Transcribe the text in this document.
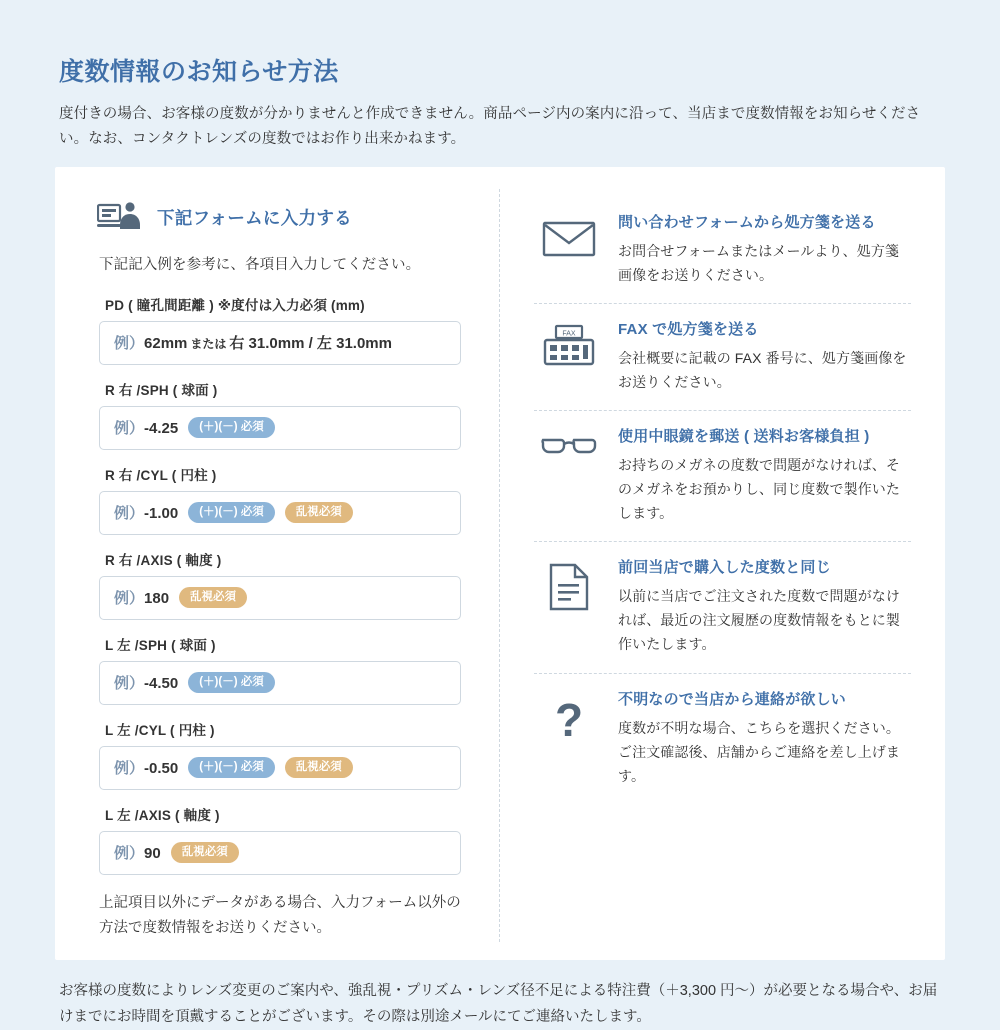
度数情報のお知らせ方法

度付きの場合、お客様の度数が分かりませんと作成できません。商品ページ内の案内に沿って、当店まで度数情報をお知らせください。なお、コンタクトレンズの度数ではお作り出来かねます。

下記フォームに入力する
下記記入例を参考に、各項目入力してください。
PD ( 瞳孔間距離 ) ※度付は入力必須 (mm)
例）62mm または 右 31.0mm / 左 31.0mm
R 右 /SPH ( 球面 )
例）-4.25	(＋)(－) 必須
R 右 /CYL ( 円柱 )
例）-1.00	(＋)(－) 必須	乱視必須
R 右 /AXIS ( 軸度 )
例）180	乱視必須
L 左 /SPH ( 球面 )
例）-4.50	(＋)(－) 必須
L 左 /CYL ( 円柱 )
例）-0.50	(＋)(－) 必須	乱視必須
L 左 /AXIS ( 軸度 )
例）90	乱視必須
上記項目以外にデータがある場合、入力フォーム以外の方法で度数情報をお送りください。
問い合わせフォームから処方箋を送る
お問合せフォームまたはメールより、処方箋画像をお送りください。
FAX	FAX で処方箋を送る
会社概要に記載の FAX 番号に、処方箋画像をお送りください。
使用中眼鏡を郵送 ( 送料お客様負担 )
お持ちのメガネの度数で問題がなければ、そのメガネをお預かりし、同じ度数で製作いたします。
前回当店で購入した度数と同じ
以前に当店でご注文された度数で問題がなければ、最近の注文履歴の度数情報をもとに製作いたします。
? 不明なので当店から連絡が欲しい
度数が不明な場合、こちらを選択ください。ご注文確認後、店舗からご連絡を差し上げます。

お客様の度数によりレンズ変更のご案内や、強乱視・プリズム・レンズ径不足による特注費（＋3,300 円〜）が必要となる場合や、お届けまでにお時間を頂戴することがございます。その際は別途メールにてご連絡いたします。
